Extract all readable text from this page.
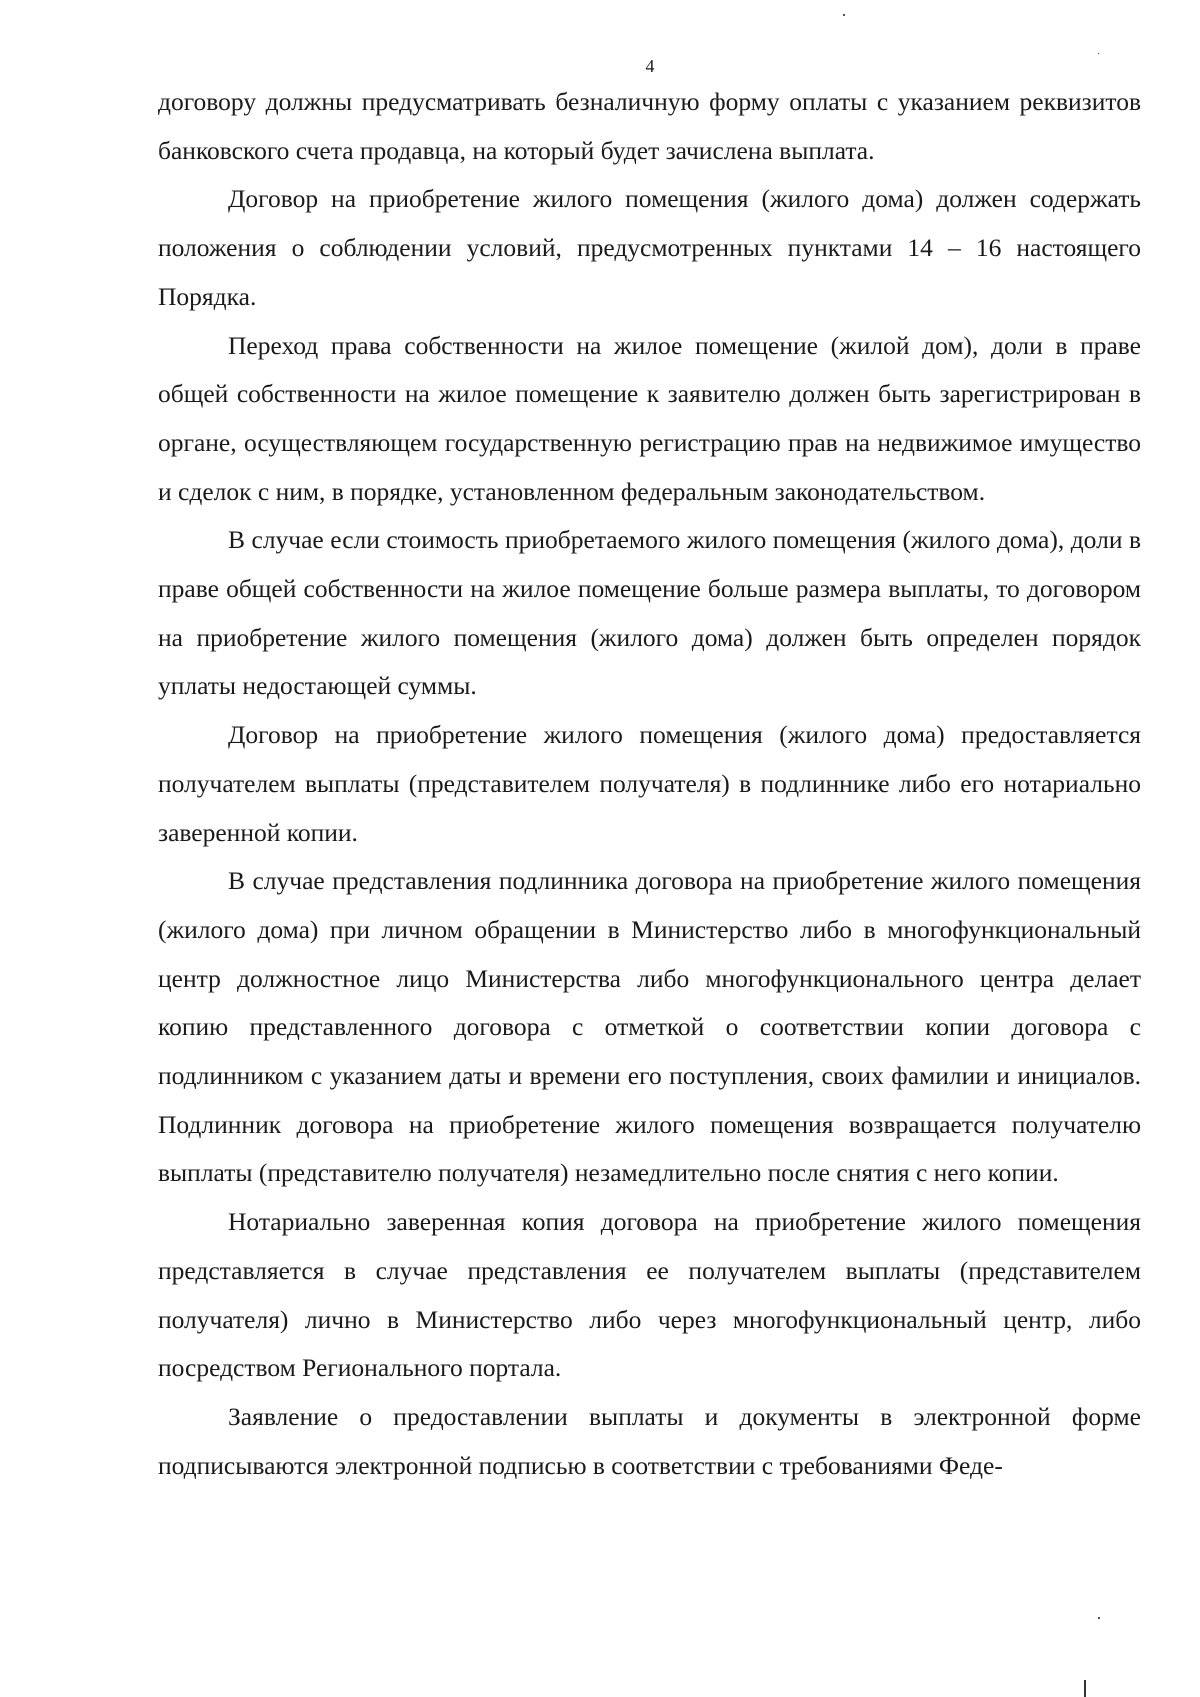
4

договору должны предусматривать безналичную форму оплаты с указанием реквизитов банковского счета продавца, на который будет зачислена выплата.

Договор на приобретение жилого помещения (жилого дома) должен содержать положения о соблюдении условий, предусмотренных пунктами 14 – 16 настоящего Порядка.

Переход права собственности на жилое помещение (жилой дом), доли в праве общей собственности на жилое помещение к заявителю должен быть зарегистрирован в органе, осуществляющем государственную регистрацию прав на недвижимое имущество и сделок с ним, в порядке, установленном федеральным законодательством.

В случае если стоимость приобретаемого жилого помещения (жилого дома), доли в праве общей собственности на жилое помещение больше размера выплаты, то договором на приобретение жилого помещения (жилого дома) должен быть определен порядок уплаты недостающей суммы.

Договор на приобретение жилого помещения (жилого дома) предоставляется получателем выплаты (представителем получателя) в подлиннике либо его нотариально заверенной копии.

В случае представления подлинника договора на приобретение жилого помещения (жилого дома) при личном обращении в Министерство либо в многофункциональный центр должностное лицо Министерства либо многофункционального центра делает копию представленного договора с отметкой о соответствии копии договора с подлинником с указанием даты и времени его поступления, своих фамилии и инициалов. Подлинник договора на приобретение жилого помещения возвращается получателю выплаты (представителю получателя) незамедлительно после снятия с него копии.

Нотариально заверенная копия договора на приобретение жилого помещения представляется в случае представления ее получателем выплаты (представителем получателя) лично в Министерство либо через многофункциональный центр, либо посредством Регионального портала.

Заявление о предоставлении выплаты и документы в электронной форме подписываются электронной подписью в соответствии с требованиями Феде-
